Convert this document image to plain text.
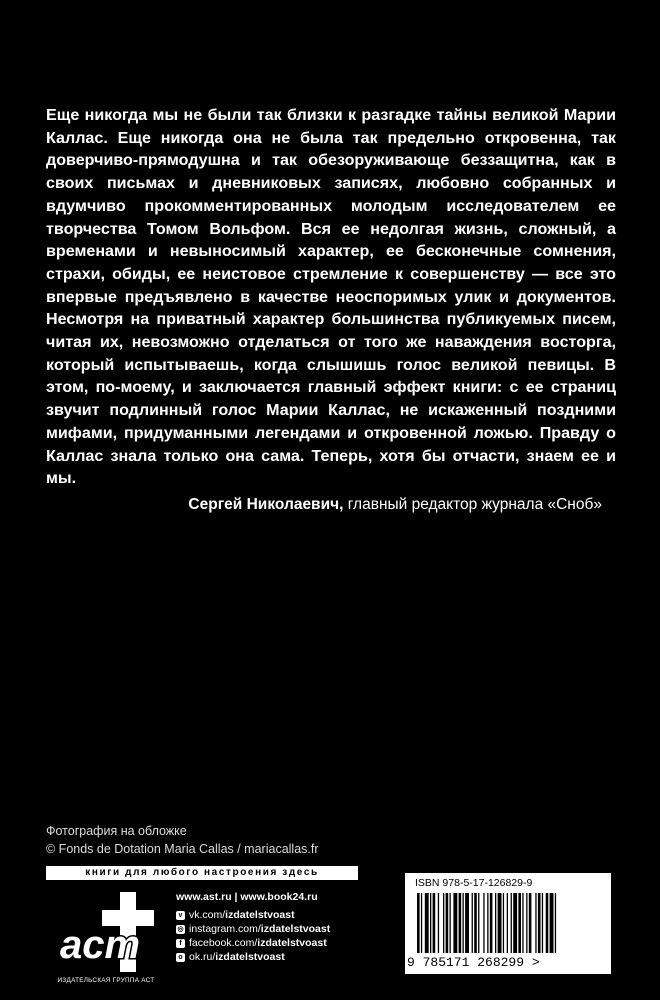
Еще никогда мы не были так близки к разгадке тайны великой Марии Каллас. Еще никогда она не была так предельно откровенна, так доверчиво-прямодушна и так обезоруживающе беззащитна, как в своих письмах и дневниковых записях, любовно собранных и вдумчиво прокомментированных молодым исследователем ее творчества Томом Вольфом. Вся ее недолгая жизнь, сложный, а временами и невыносимый характер, ее бесконечные сомнения, страхи, обиды, ее неистовое стремление к совершенству — все это впервые предъявлено в качестве неоспоримых улик и документов. Несмотря на приватный характер большинства публикуемых писем, читая их, невозможно отделаться от того же наваждения восторга, который испытываешь, когда слышишь голос великой певицы. В этом, по-моему, и заключается главный эффект книги: с ее страниц звучит подлинный голос Марии Каллас, не искаженный поздними мифами, придуманными легендами и откровенной ложью. Правду о Каллас знала только она сама. Теперь, хотя бы отчасти, знаем ее и мы.

Сергей Николаевич, главный редактор журнала «Сноб»

Фотография на обложке
© Fonds de Dotation Maria Callas / mariacallas.fr
книги для любого настроения здесь
аст
ИЗДАТЕЛЬСКАЯ ГРУППА АСТ
www.ast.ru | www.book24.ru
v vk.com/ izdatelstvoast
◎ instagram.com/ izdatelstvoast
f facebook.com/ izdatelstvoast
o ok.ru/ izdatelstvoast
ISBN 978-5-17-126829-9
9 785171 268299 >
